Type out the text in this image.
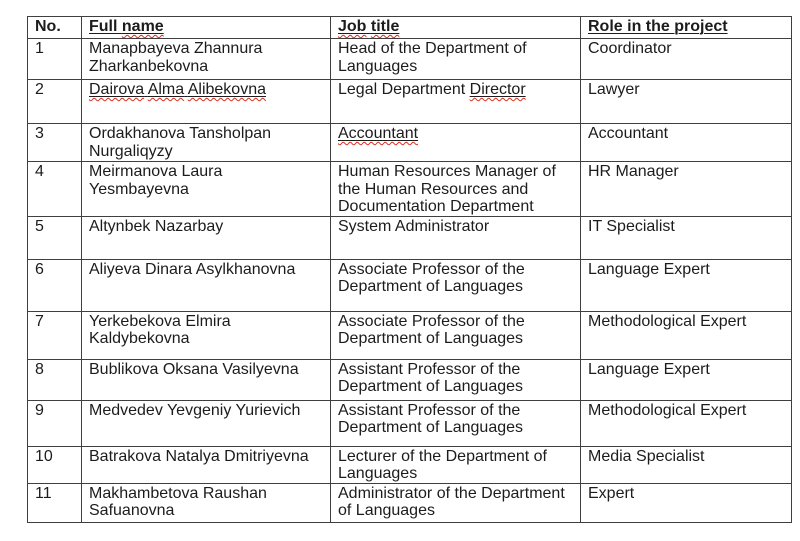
No.	Full name	Job title	Role in the project
1	Manapbayeva Zhannura Zharkanbekovna	Head of the Department of Languages	Coordinator
2	Dairova Alma Alibekovna	Legal Department Director	Lawyer
3	Ordakhanova Tansholpan Nurgaliqyzy	Accountant	Accountant
4	Meirmanova Laura Yesmbayevna	Human Resources Manager of the Human Resources and Documentation Department	HR Manager
5	Altynbek Nazarbay	System Administrator	IT Specialist
6	Aliyeva Dinara Asylkhanovna	Associate Professor of the Department of Languages	Language Expert
7	Yerkebekova Elmira Kaldybekovna	Associate Professor of the Department of Languages	Methodological Expert
8	Bublikova Oksana Vasilyevna	Assistant Professor of the Department of Languages	Language Expert
9	Medvedev Yevgeniy Yurievich	Assistant Professor of the Department of Languages	Methodological Expert
10	Batrakova Natalya Dmitriyevna	Lecturer of the Department of Languages	Media Specialist
11	Makhambetova Raushan Safuanovna	Administrator of the Department of Languages	Expert
